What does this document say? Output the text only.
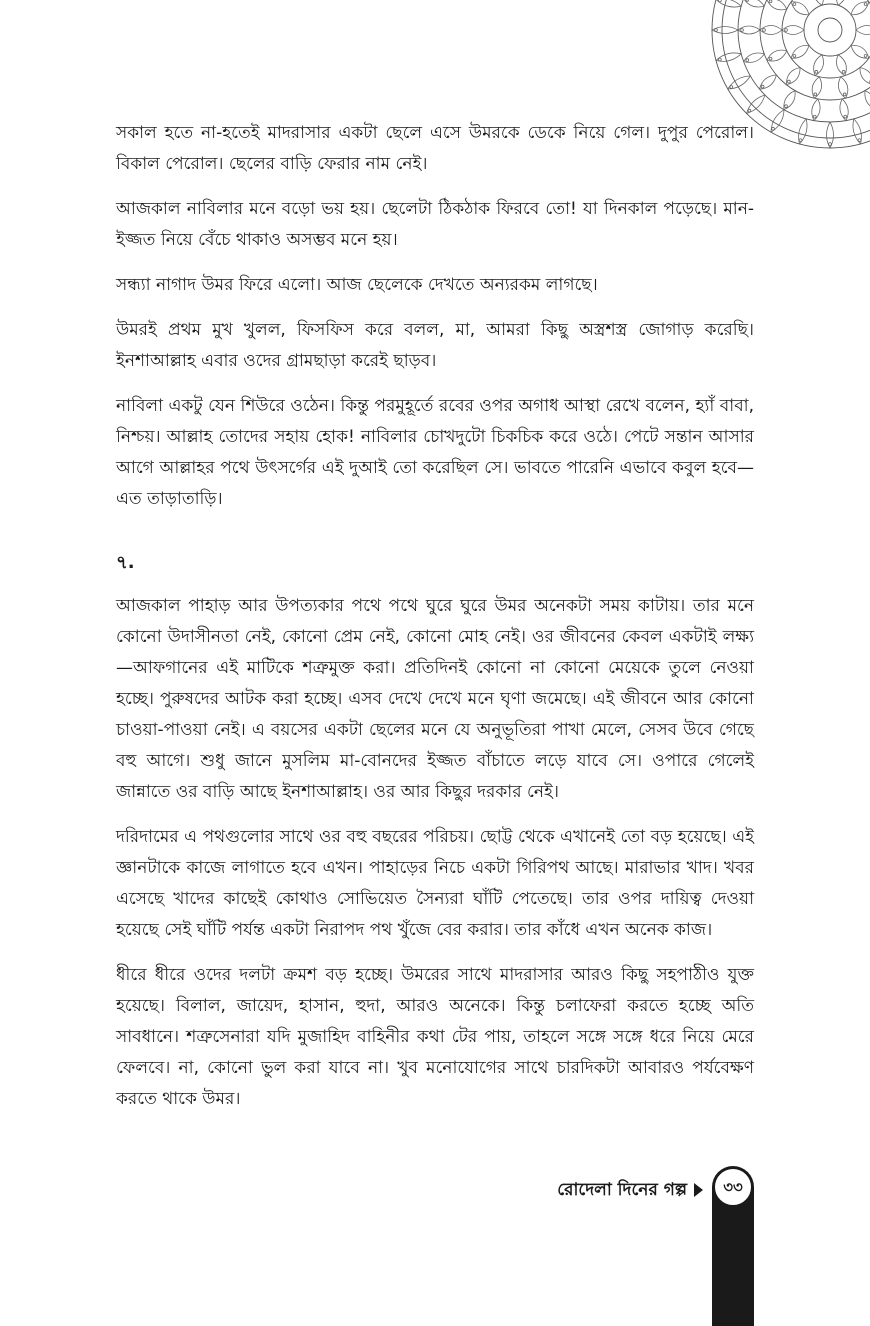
সকাল হতে না-হতেই মাদরাসার একটা ছেলে এসে উমরকে ডেকে নিয়ে গেল। দুপুর পেরোল। বিকাল পেরোল। ছেলের বাড়ি ফেরার নাম নেই।

আজকাল নাবিলার মনে বড়ো ভয় হয়। ছেলেটা ঠিকঠাক ফিরবে তো! যা দিনকাল পড়েছে। মান-ইজ্জত নিয়ে বেঁচে থাকাও অসম্ভব মনে হয়।

সন্ধ্যা নাগাদ উমর ফিরে এলো। আজ ছেলেকে দেখতে অন্যরকম লাগছে।

উমরই প্রথম মুখ খুলল, ফিসফিস করে বলল, মা, আমরা কিছু অস্ত্রশস্ত্র জোগাড় করেছি। ইনশাআল্লাহ এবার ওদের গ্রামছাড়া করেই ছাড়ব।

নাবিলা একটু যেন শিউরে ওঠেন। কিন্তু পরমুহূর্তে রবের ওপর অগাধ আস্থা রেখে বলেন, হ্যাঁ বাবা, নিশ্চয়। আল্লাহ তোদের সহায় হোক! নাবিলার চোখদুটো চিকচিক করে ওঠে। পেটে সন্তান আসার আগে আল্লাহর পথে উৎসর্গের এই দুআই তো করেছিল সে। ভাবতে পারেনি এভাবে কবুল হবে—এত তাড়াতাড়ি।

৭.

আজকাল পাহাড় আর উপত্যকার পথে পথে ঘুরে ঘুরে উমর অনেকটা সময় কাটায়। তার মনে কোনো উদাসীনতা নেই, কোনো প্রেম নেই, কোনো মোহ নেই। ওর জীবনের কেবল একটাই লক্ষ্য—আফগানের এই মাটিকে শত্রুমুক্ত করা। প্রতিদিনই কোনো না কোনো মেয়েকে তুলে নেওয়া হচ্ছে। পুরুষদের আটক করা হচ্ছে। এসব দেখে দেখে মনে ঘৃণা জমেছে। এই জীবনে আর কোনো চাওয়া-পাওয়া নেই। এ বয়সের একটা ছেলের মনে যে অনুভূতিরা পাখা মেলে, সেসব উবে গেছে বহু আগে। শুধু জানে মুসলিম মা-বোনদের ইজ্জত বাঁচাতে লড়ে যাবে সে। ওপারে গেলেই জান্নাতে ওর বাড়ি আছে ইনশাআল্লাহ। ওর আর কিছুর দরকার নেই।

দরিদামের এ পথগুলোর সাথে ওর বহু বছরের পরিচয়। ছোট্ট থেকে এখানেই তো বড় হয়েছে। এই জ্ঞানটাকে কাজে লাগাতে হবে এখন। পাহাড়ের নিচে একটা গিরিপথ আছে। মারাভার খাদ। খবর এসেছে খাদের কাছেই কোথাও সোভিয়েত সৈন্যরা ঘাঁটি পেতেছে। তার ওপর দায়িত্ব দেওয়া হয়েছে সেই ঘাঁটি পর্যন্ত একটা নিরাপদ পথ খুঁজে বের করার। তার কাঁধে এখন অনেক কাজ।

ধীরে ধীরে ওদের দলটা ক্রমশ বড় হচ্ছে। উমরের সাথে মাদরাসার আরও কিছু সহপাঠীও যুক্ত হয়েছে। বিলাল, জায়েদ, হাসান, হুদা, আরও অনেকে। কিন্তু চলাফেরা করতে হচ্ছে অতি সাবধানে। শত্রুসেনারা যদি মুজাহিদ বাহিনীর কথা টের পায়, তাহলে সঙ্গে সঙ্গে ধরে নিয়ে মেরে ফেলবে। না, কোনো ভুল করা যাবে না। খুব মনোযোগের সাথে চারদিকটা আবারও পর্যবেক্ষণ করতে থাকে উমর।

রোদেলা দিনের গল্প	৩৩
